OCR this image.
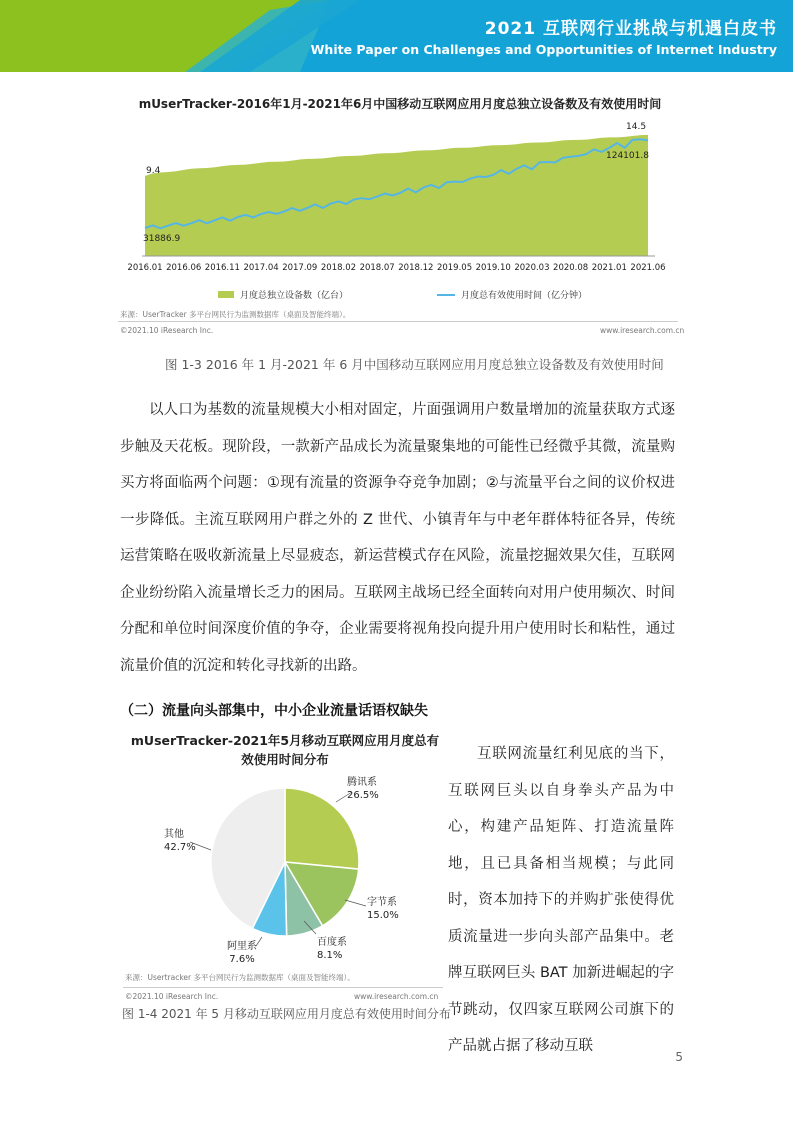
2021 互联网行业挑战与机遇白皮书
White Paper on Challenges and Opportunities of Internet Industry
mUserTracker-2016年1月-2021年6月中国移动互联网应用月度总独立设备数及有效使用时间
9.4
14.5
31886.9
124101.8
2016.01 2016.06 2016.11 2017.04 2017.09 2018.02 2018.07 2018.12 2019.05 2019.10 2020.03 2020.08 2021.01 2021.06
月度总独立设备数（亿台）	月度总有效使用时间（亿分钟）
来源：UserTracker 多平台网民行为监测数据库（桌面及智能终端）。
©2021.10 iResearch Inc.	www.iresearch.com.cn
图 1-3 2016 年 1 月-2021 年 6 月中国移动互联网应用月度总独立设备数及有效使用时间

以人口为基数的流量规模大小相对固定，片面强调用户数量增加的流量获取方式逐步触及天花板。现阶段，一款新产品成长为流量聚集地的可能性已经微乎其微，流量购买方将面临两个问题：①现有流量的资源争夺竞争加剧；②与流量平台之间的议价权进一步降低。主流互联网用户群之外的 Z 世代、小镇青年与中老年群体特征各异，传统运营策略在吸收新流量上尽显疲态，新运营模式存在风险，流量挖掘效果欠佳，互联网企业纷纷陷入流量增长乏力的困局。互联网主战场已经全面转向对用户使用频次、时间分配和单位时间深度价值的争夺，企业需要将视角投向提升用户使用时长和粘性，通过流量价值的沉淀和转化寻找新的出路。

（二）流量向头部集中，中小企业流量话语权缺失
mUserTracker-2021年5月移动互联网应用月度总有效使用时间分布
腾讯系
26.5%
字节系
15.0%
百度系
8.1%
阿里系
7.6%
其他
42.7%
来源：Usertracker 多平台网民行为监测数据库（桌面及智能终端）。
©2021.10 iResearch Inc.	www.iresearch.com.cn
图 1-4 2021 年 5 月移动互联网应用月度总有效使用时间分布

互联网流量红利见底的当下，互联网巨头以自身拳头产品为中心，构建产品矩阵、打造流量阵地，且已具备相当规模；与此同时，资本加持下的并购扩张使得优质流量进一步向头部产品集中。老牌互联网巨头 BAT 加新进崛起的字节跳动，仅四家互联网公司旗下的产品就占据了移动互联

5
